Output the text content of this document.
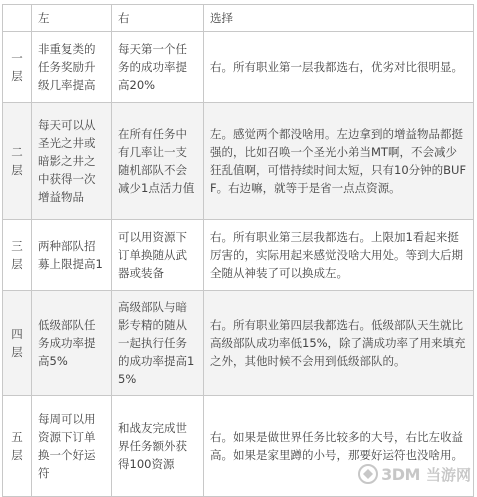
	左	右	选择
一层	非重复类的任务奖励升级几率提高	每天第一个任务的成功率提高20%	右。所有职业第一层我都选右，优劣对比很明显。
二层	每天可以从圣光之井或暗影之井之中获得一次增益物品	在所有任务中有几率让一支随机部队不会减少1点活力值	左。感觉两个都没啥用。左边拿到的增益物品都挺强的，比如召唤一个圣光小弟当MT啊，不会减少狂乱值啊，可惜持续时间太短，只有10分钟的BUFF。右边嘛，就等于是省一点点资源。
三层	两种部队招募上限提高1	可以用资源下订单换随从武器或装备	右。所有职业第三层我都选右。上限加1看起来挺厉害的，实际用起来感觉没啥大用处。等到大后期全随从神装了可以换成左。
四层	低级部队任务成功率提高5%	高级部队与暗影专精的随从一起执行任务的成功率提高15%	右。所有职业第四层我都选右。低级部队天生就比高级部队成功率低15%，除了满成功率了用来填充之外，其他时候不会用到低级部队的。
五层	每周可以用资源下订单换一个好运符	和战友完成世界任务额外获得100资源	右。如果是做世界任务比较多的大号，右比左收益高。如果是家里蹲的小号，那要好运符也没啥用。
3DM 当游网
